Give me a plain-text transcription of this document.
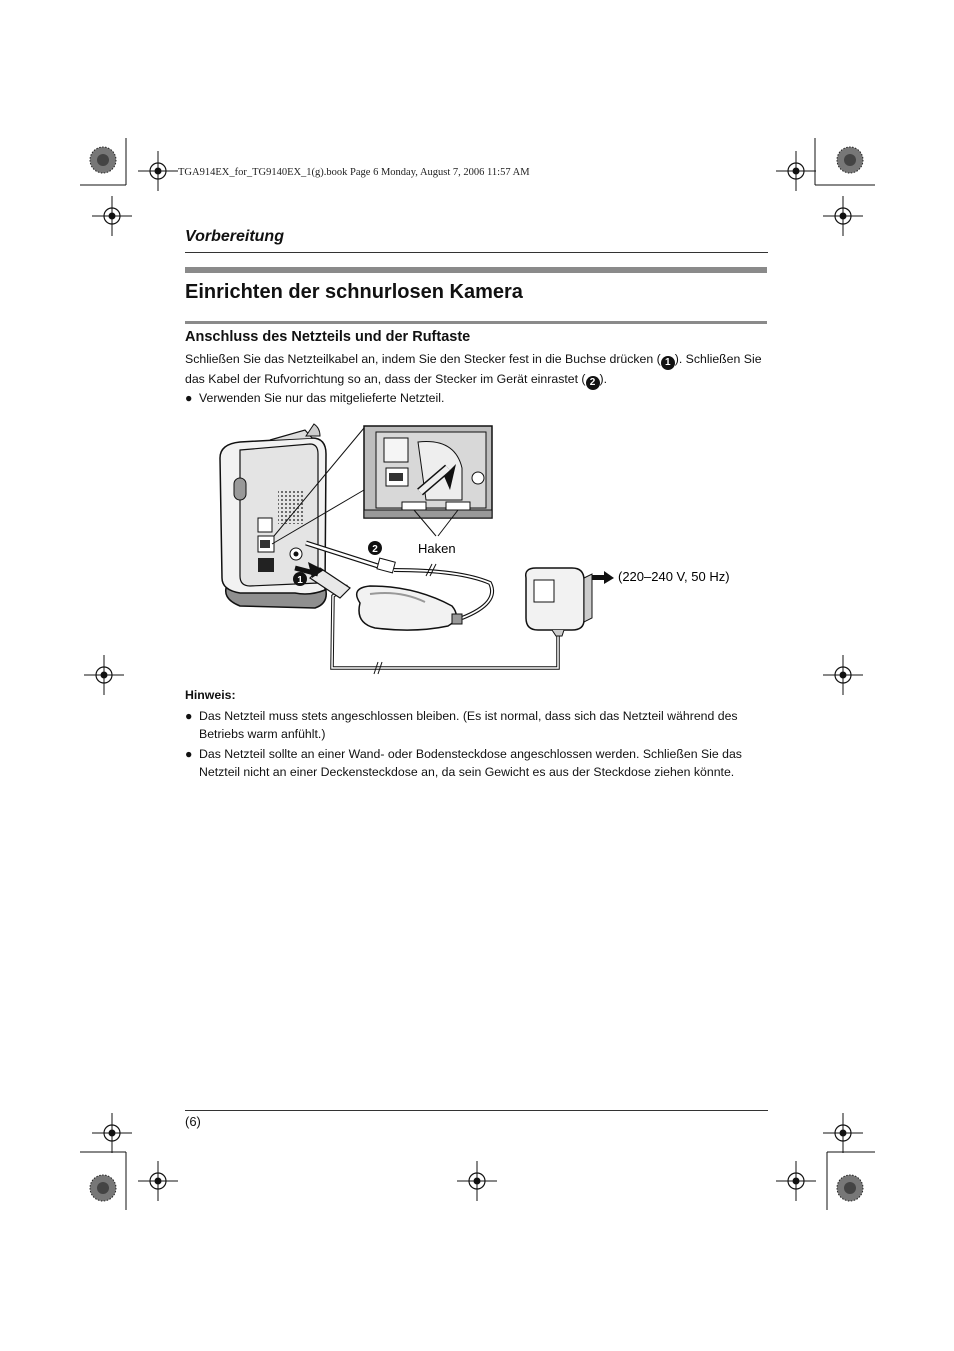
TGA914EX_for_TG9140EX_1(g).book Page 6 Monday, August 7, 2006 11:57 AM
Vorbereitung
Einrichten der schnurlosen Kamera
Anschluss des Netzteils und der Ruftaste
Schließen Sie das Netzteilkabel an, indem Sie den Stecker fest in die Buchse drücken ( 1 ). Schließen Sie das Kabel der Rufvorrichtung so an, dass der Stecker im Gerät einrastet ( 2 ).
● Verwenden Sie nur das mitgelieferte Netzteil.
Haken
2
1	(220–240 V, 50 Hz)
Hinweis:
● Das Netzteil muss stets angeschlossen bleiben. (Es ist normal, dass sich das Netzteil während des Betriebs warm anfühlt.)
● Das Netzteil sollte an einer Wand- oder Bodensteckdose angeschlossen werden. Schließen Sie das Netzteil nicht an einer Deckensteckdose an, da sein Gewicht es aus der Steckdose ziehen könnte.
(6)
